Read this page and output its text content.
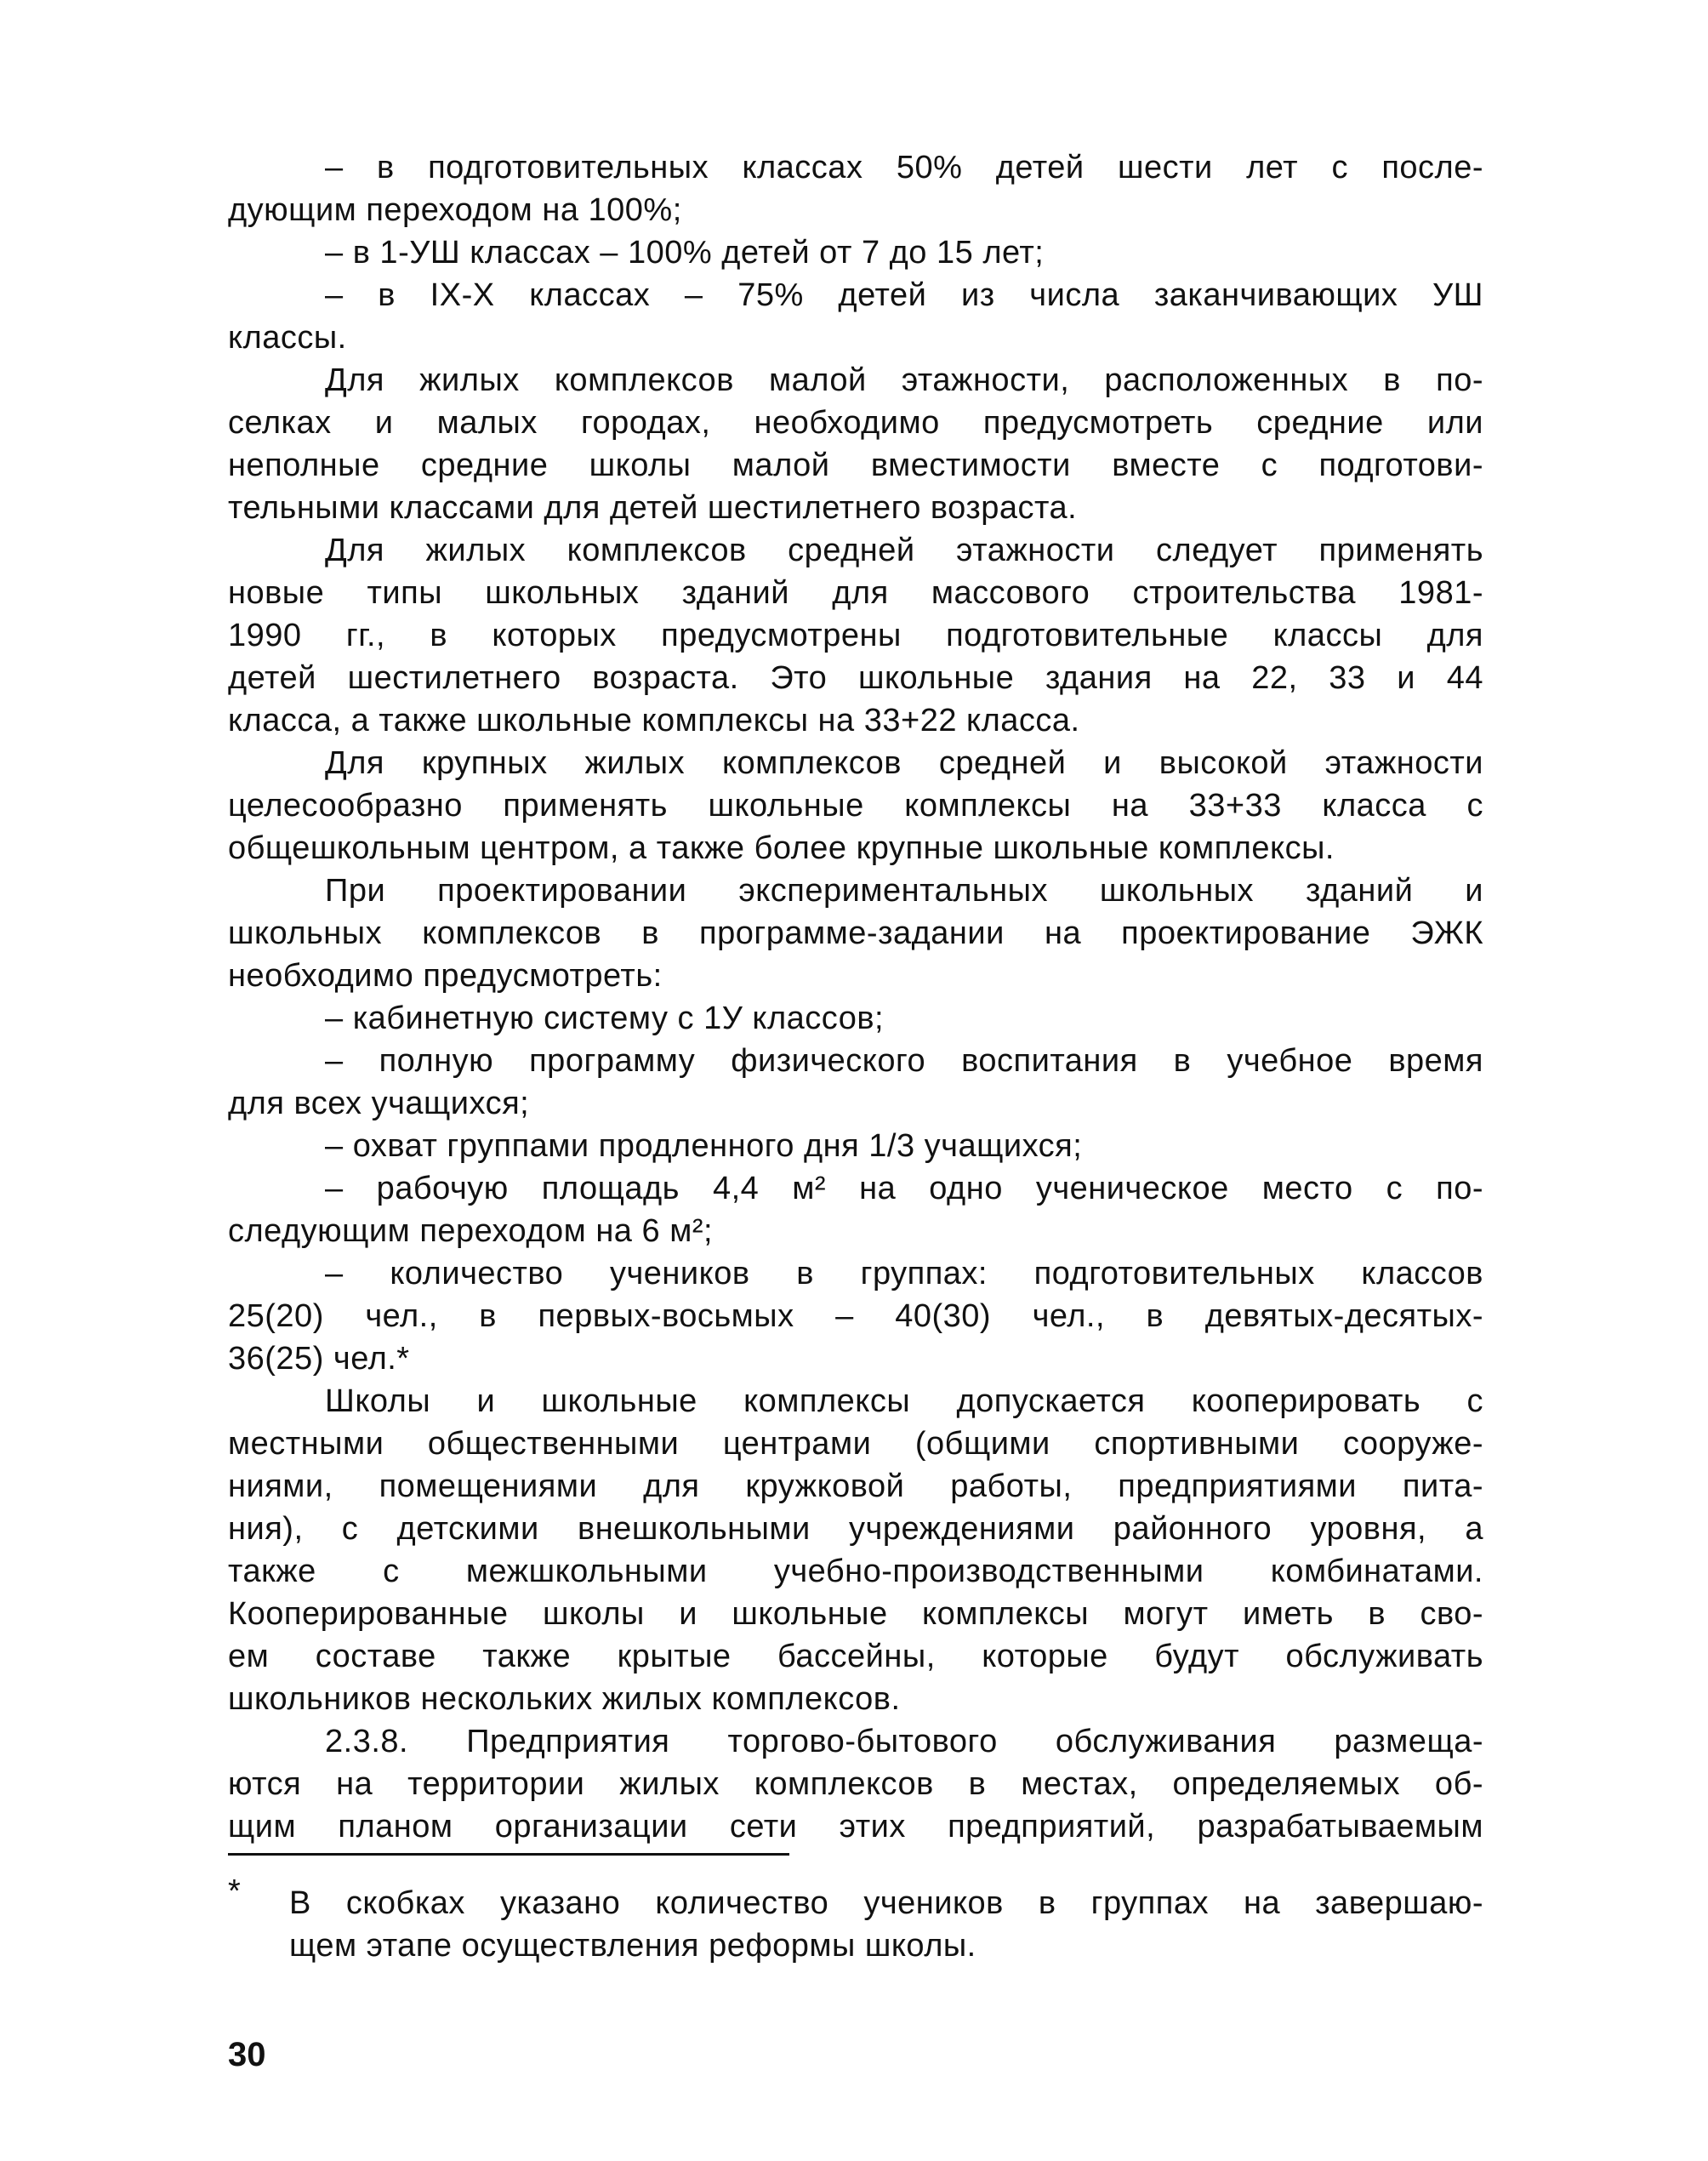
– в подготовительных классах 50% детей шести лет с после-
дующим переходом на 100%;
– в 1-УШ классах – 100% детей от 7 до 15 лет;
– в IX-X классах – 75% детей из числа заканчивающих УШ
классы.
Для жилых комплексов малой этажности, расположенных в по-
селках и малых городах, необходимо предусмотреть средние или
неполные средние школы малой вместимости вместе с подготови-
тельными классами для детей шестилетнего возраста.
Для жилых комплексов средней этажности следует применять
новые типы школьных зданий для массового строительства 1981-
1990 гг., в которых предусмотрены подготовительные классы для
детей шестилетнего возраста. Это школьные здания на 22, 33 и 44
класса, а также школьные комплексы на 33+22 класса.
Для крупных жилых комплексов средней и высокой этажности
целесообразно применять школьные комплексы на 33+33 класса с
общешкольным центром, а также более крупные школьные комплексы.
При проектировании экспериментальных школьных зданий и
школьных комплексов в программе-задании на проектирование ЭЖК
необходимо предусмотреть:
– кабинетную систему с 1У классов;
– полную программу физического воспитания в учебное время
для всех учащихся;
– охват группами продленного дня 1/3 учащихся;
– рабочую площадь 4,4 м² на одно ученическое место с по-
следующим переходом на 6 м²;
– количество учеников в группах: подготовительных классов
25(20) чел., в первых-восьмых – 40(30) чел., в девятых-десятых-
36(25) чел.*
Школы и школьные комплексы допускается кооперировать с
местными общественными центрами (общими спортивными сооруже-
ниями, помещениями для кружковой работы, предприятиями пита-
ния), с детскими внешкольными учреждениями районного уровня, а
также с межшкольными учебно-производственными комбинатами.
Кооперированные школы и школьные комплексы могут иметь в сво-
ем составе также крытые бассейны, которые будут обслуживать
школьников нескольких жилых комплексов.
2.3.8. Предприятия торгово-бытового обслуживания размеща-
ются на территории жилых комплексов в местах, определяемых об-
щим планом организации сети этих предприятий, разрабатываемым
* В скобках указано количество учеников в группах на завершаю-
щем этапе осуществления реформы школы.
30
